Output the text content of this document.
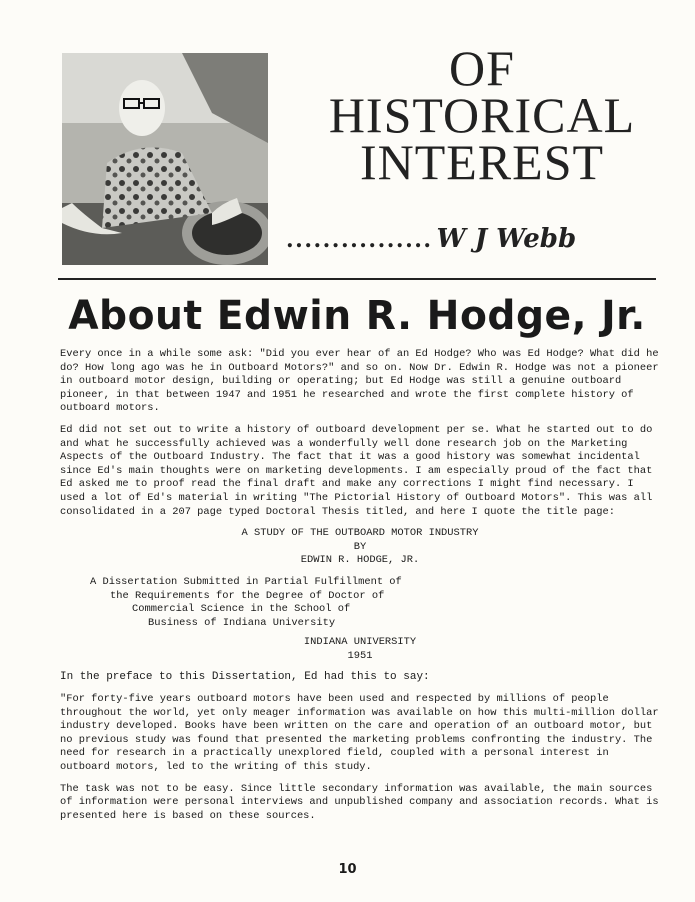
OF
HISTORICAL
INTEREST
................ W J Webb
About Edwin R. Hodge, Jr.

Every once in a while some ask: "Did you ever hear of an Ed Hodge? Who was Ed Hodge? What did he do? How long ago was he in Outboard Motors?" and so on. Now Dr. Edwin R. Hodge was not a pioneer in outboard motor design, building or operating; but Ed Hodge was still a genuine outboard pioneer, in that between 1947 and 1951 he researched and wrote the first complete history of outboard motors.

Ed did not set out to write a history of outboard development per se. What he started out to do and what he successfully achieved was a wonderfully well done research job on the Marketing Aspects of the Outboard Industry. The fact that it was a good history was somewhat incidental since Ed's main thoughts were on marketing developments. I am especially proud of the fact that Ed asked me to proof read the final draft and make any corrections I might find necessary. I used a lot of Ed's material in writing "The Pictorial History of Outboard Motors". This was all consolidated in a 207 page typed Doctoral Thesis titled, and here I quote the title page:

A STUDY OF THE OUTBOARD MOTOR INDUSTRY
BY
EDWIN R. HODGE, JR.
A Dissertation Submitted in Partial Fulfillment of
the Requirements for the Degree of Doctor of
Commercial Science in the School of
Business of Indiana University
INDIANA UNIVERSITY
1951

In the preface to this Dissertation, Ed had this to say:

"For forty-five years outboard motors have been used and respected by millions of people throughout the world, yet only meager information was available on how this multi-million dollar industry developed. Books have been written on the care and operation of an outboard motor, but no previous study was found that presented the marketing problems confronting the industry. The need for research in a practically unexplored field, coupled with a personal interest in outboard motors, led to the writing of this study.

The task was not to be easy. Since little secondary information was available, the main sources of information were personal interviews and unpublished company and association records. What is presented here is based on these sources.

10
